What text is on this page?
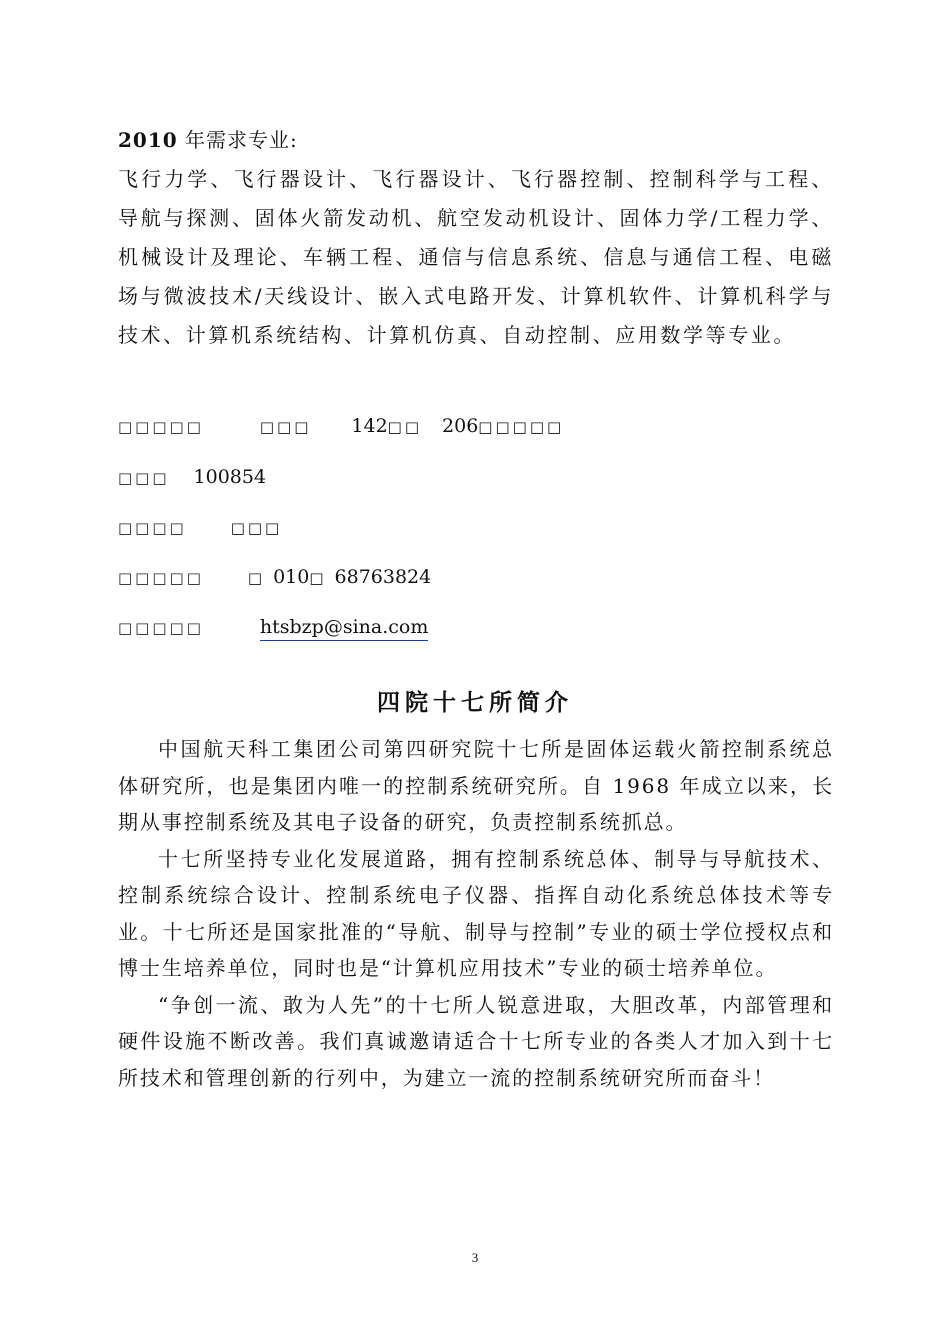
2010 年需求专业:
飞行力学、飞行器设计、飞行器设计、飞行器控制、控制科学与工程、导航与探测、固体火箭发动机、航空发动机设计、固体力学/工程力学、机械设计及理论、车辆工程、通信与信息系统、信息与通信工程、电磁场与微波技术/天线设计、嵌入式电路开发、计算机软件、计算机科学与技术、计算机系统结构、计算机仿真、自动控制、应用数学等专业。
□□□□□	□□□ 142□□ 206□□□□□
□□□ 100854
□□□□	□□□
□□□□□	□ 010□ 68763824
□□□□□	htsbzp@sina.com
四院十七所简介

中国航天科工集团公司第四研究院十七所是固体运载火箭控制系统总体研究所，也是集团内唯一的控制系统研究所。自 1968 年成立以来，长期从事控制系统及其电子设备的研究，负责控制系统抓总。

十七所坚持专业化发展道路，拥有控制系统总体、制导与导航技术、控制系统综合设计、控制系统电子仪器、指挥自动化系统总体技术等专业。十七所还是国家批准的“导航、制导与控制”专业的硕士学位授权点和博士生培养单位，同时也是“计算机应用技术”专业的硕士培养单位。

“争创一流、敢为人先”的十七所人锐意进取，大胆改革，内部管理和硬件设施不断改善。我们真诚邀请适合十七所专业的各类人才加入到十七所技术和管理创新的行列中，为建立一流的控制系统研究所而奋斗！

3
